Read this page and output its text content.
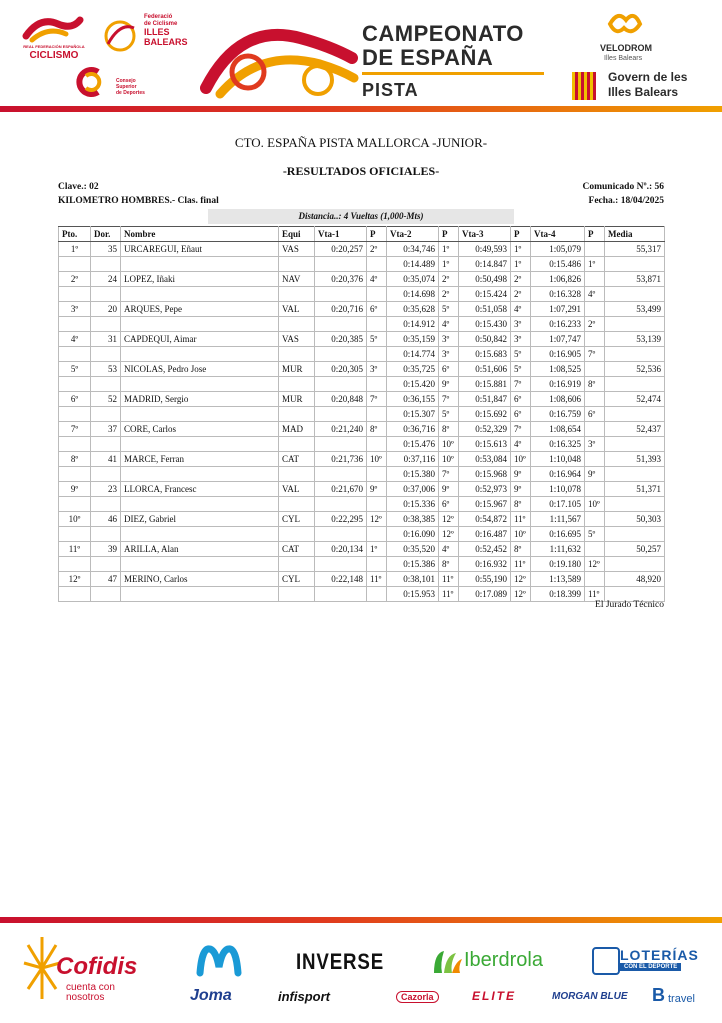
REAL FEDERACIÓN ESPAÑOLA
CICLISMO
Federació
de Ciclisme
ILLES
BALEARS
Consejo
Superior
de Deportes
CAMPEONATO
DE ESPAÑA
PISTA
VELODROM
Illes Balears
Govern de les
Illes Balears
CTO. ESPAÑA PISTA MALLORCA -JUNIOR-
-RESULTADOS OFICIALES-
Clave.: 02	Comunicado Nº.: 56
KILOMETRO HOMBRES.- Clas. final	Fecha.: 18/04/2025
Distancia..: 4 Vueltas (1,000-Mts)
Pto.	Dor.	Nombre	Equi	Vta-1	P	Vta-2	P	Vta-3	P	Vta-4	P	Media
1º	35	URCAREGUI, Eñaut	VAS	0:20,257	2º	0:34,746	1º	0:49,593	1º	1:05,079		55,317
						0:14.489	1º	0:14.847	1º	0:15.486	1º	
2º	24	LOPEZ, Iñaki	NAV	0:20,376	4º	0:35,074	2º	0:50,498	2º	1:06,826		53,871
						0:14.698	2º	0:15.424	2º	0:16.328	4º	
3º	20	ARQUES, Pepe	VAL	0:20,716	6º	0:35,628	5º	0:51,058	4º	1:07,291		53,499
						0:14.912	4º	0:15.430	3º	0:16.233	2º	
4º	31	CAPDEQUI, Aimar	VAS	0:20,385	5º	0:35,159	3º	0:50,842	3º	1:07,747		53,139
						0:14.774	3º	0:15.683	5º	0:16.905	7º	
5º	53	NICOLAS, Pedro Jose	MUR	0:20,305	3º	0:35,725	6º	0:51,606	5º	1:08,525		52,536
						0:15.420	9º	0:15.881	7º	0:16.919	8º	
6º	52	MADRID, Sergio	MUR	0:20,848	7º	0:36,155	7º	0:51,847	6º	1:08,606		52,474
						0:15.307	5º	0:15.692	6º	0:16.759	6º	
7º	37	CORE, Carlos	MAD	0:21,240	8º	0:36,716	8º	0:52,329	7º	1:08,654		52,437
						0:15.476	10º	0:15.613	4º	0:16.325	3º	
8º	41	MARCE, Ferran	CAT	0:21,736	10º	0:37,116	10º	0:53,084	10º	1:10,048		51,393
						0:15.380	7º	0:15.968	9º	0:16.964	9º	
9º	23	LLORCA, Francesc	VAL	0:21,670	9º	0:37,006	9º	0:52,973	9º	1:10,078		51,371
						0:15.336	6º	0:15.967	8º	0:17.105	10º	
10º	46	DIEZ, Gabriel	CYL	0:22,295	12º	0:38,385	12º	0:54,872	11º	1:11,567		50,303
						0:16.090	12º	0:16.487	10º	0:16.695	5º	
11º	39	ARILLA, Alan	CAT	0:20,134	1º	0:35,520	4º	0:52,452	8º	1:11,632		50,257
						0:15.386	8º	0:16.932	11º	0:19.180	12º	
12º	47	MERINO, Carlos	CYL	0:22,148	11º	0:38,101	11º	0:55,190	12º	1:13,589		48,920
						0:15.953	11º	0:17.089	12º	0:18.399	11º	
El Jurado Técnico
Cofidis
cuenta con
nosotros	Joma
INVERSE
infisport
Iberdrola
Cazorla	ELITE
LOTERÍAS
CON EL DEPORTE
MORGAN BLUE B travel
